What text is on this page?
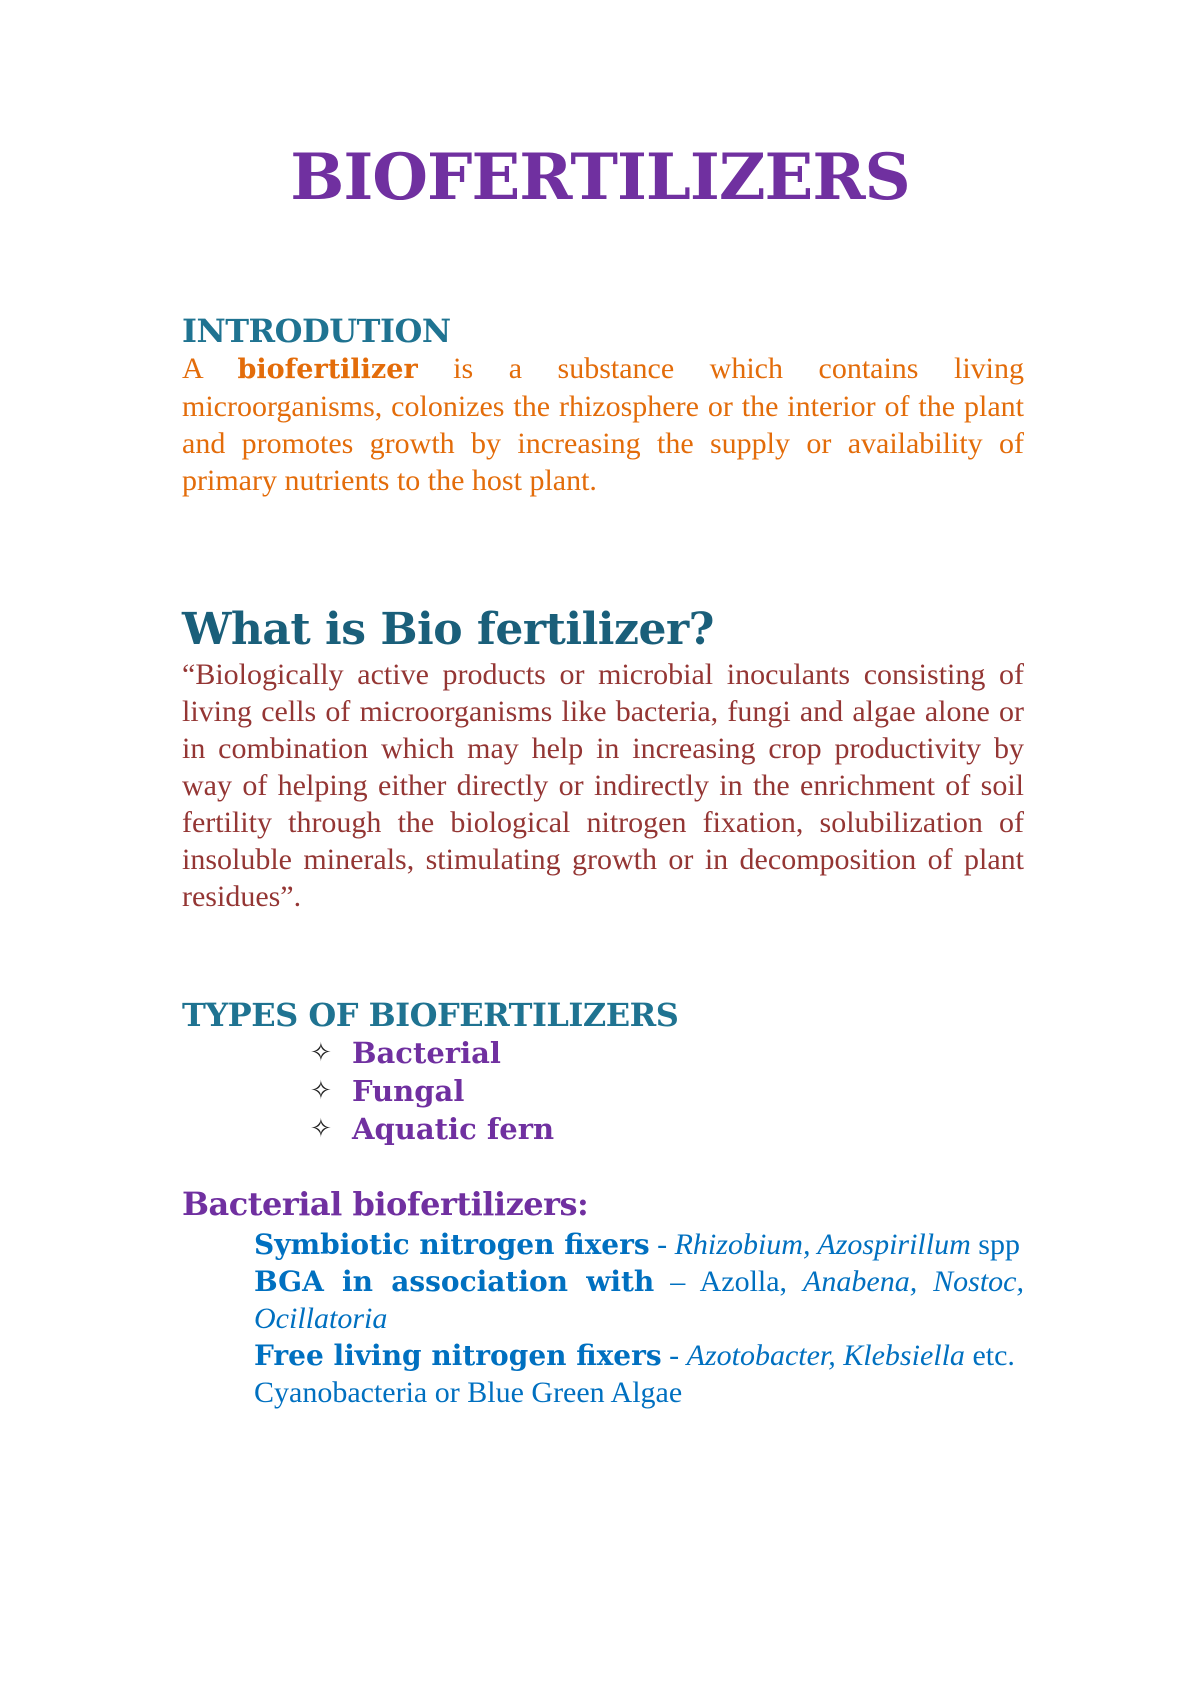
BIOFERTILIZERS
INTRODUTION

A biofertilizer is a substance which contains living microorganisms, colonizes the rhizosphere or the interior of the plant and promotes growth by increasing the supply or availability of primary nutrients to the host plant.

What is Bio fertilizer?

“Biologically active products or microbial inoculants consisting of living cells of microorganisms like bacteria, fungi and algae alone or in combination which may help in increasing crop productivity by way of helping either directly or indirectly in the enrichment of soil fertility through the biological nitrogen fixation, solubilization of insoluble minerals, stimulating growth or in decomposition of plant residues”.

TYPES OF BIOFERTILIZERS
✧ Bacterial
✧ Fungal
✧ Aquatic fern
Bacterial biofertilizers:

Symbiotic nitrogen fixers - Rhizobium, Azospirillum spp

BGA in association with – Azolla, Anabena, Nostoc, Ocillatoria

Free living nitrogen fixers - Azotobacter, Klebsiella etc.

Cyanobacteria or Blue Green Algae
